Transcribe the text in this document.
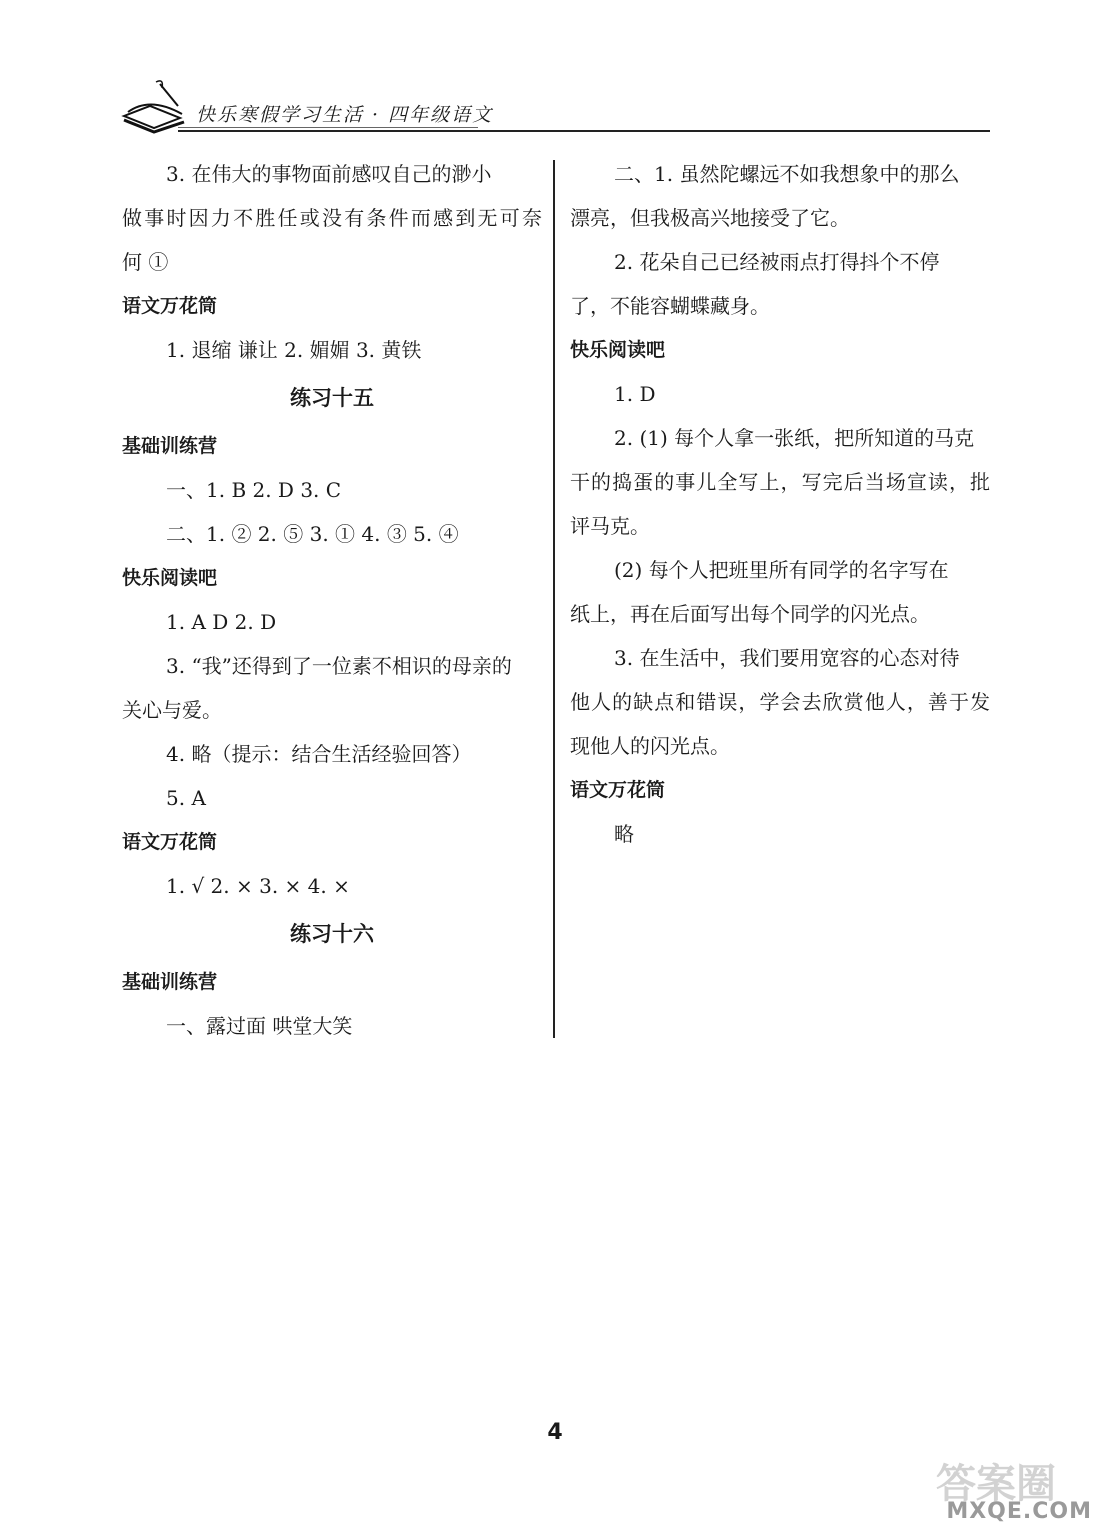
快乐寒假学习生活 · 四年级语文
3. 在伟大的事物面前感叹自己的渺小
做事时因力不胜任或没有条件而感到无可奈
何 ①
语文万花筒
1. 退缩 谦让 2. 媚媚 3. 黄铁
练习十五
基础训练营
一、1. B 2. D 3. C
二、1. ② 2. ⑤ 3. ① 4. ③ 5. ④
快乐阅读吧
1. A D 2. D
3. “我”还得到了一位素不相识的母亲的
关心与爱。
4. 略（提示：结合生活经验回答）
5. A
语文万花筒
1. √ 2. × 3. × 4. ×
练习十六
基础训练营
一、露过面 哄堂大笑
二、1. 虽然陀螺远不如我想象中的那么
漂亮，但我极高兴地接受了它。
2. 花朵自己已经被雨点打得抖个不停
了，不能容蝴蝶藏身。
快乐阅读吧
1. D
2. (1) 每个人拿一张纸，把所知道的马克
干的捣蛋的事儿全写上，写完后当场宣读，批
评马克。
(2) 每个人把班里所有同学的名字写在
纸上，再在后面写出每个同学的闪光点。
3. 在生活中，我们要用宽容的心态对待
他人的缺点和错误，学会去欣赏他人，善于发
现他人的闪光点。
语文万花筒
略
4
答案圈
MXQE.COM
